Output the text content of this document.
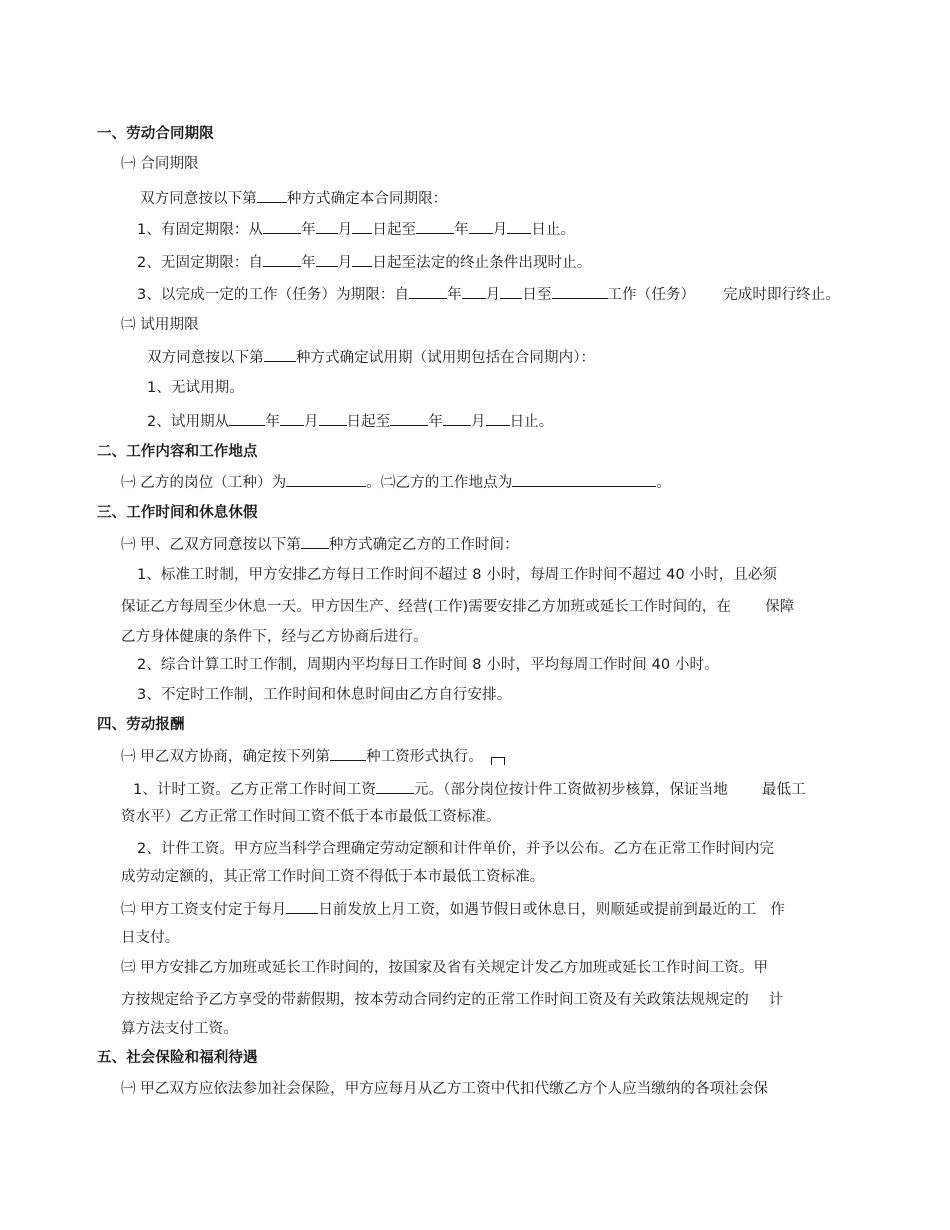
一、劳动合同期限
㈠ 合同期限
双方同意按以下第 种方式确定本合同期限：
1、有固定期限：从	年 月 日起至	年 月 日止。
2、无固定期限：自	年 月 日起至法定的终止条件出现时止。
3、以完成一定的工作（任务）为期限：自	年 月 日至	工作（任务） 完成时即行终止。
㈡ 试用期限
双方同意按以下第 种方式确定试用期（试用期包括在合同期内）：
1、无试用期。
2、试用期从 年 月 日起至	年 月 日止。
二、工作内容和工作地点
㈠ 乙方的岗位（工种）为	。㈡乙方的工作地点为	。
三、工作时间和休息休假
㈠ 甲、乙双方同意按以下第 种方式确定乙方的工作时间：
1、标准工时制，甲方安排乙方每日工作时间不超过 8 小时，每周工作时间不超过 40 小时，且必须
保证乙方每周至少休息一天。甲方因生产、经营(工作)需要安排乙方加班或延长工作时间的，在 保障
乙方身体健康的条件下，经与乙方协商后进行。
2、综合计算工时工作制，周期内平均每日工作时间 8 小时，平均每周工作时间 40 小时。
3、不定时工作制，工作时间和休息时间由乙方自行安排。
四、劳动报酬
㈠ 甲乙双方协商，确定按下列第 种工资形式执行。
1、计时工资。乙方正常工作时间工资	元。（部分岗位按计件工资做初步核算，保证当地 最低工
资水平）乙方正常工作时间工资不低于本市最低工资标准。
2、计件工资。甲方应当科学合理确定劳动定额和计件单价，并予以公布。乙方在正常工作时间内完
成劳动定额的，其正常工作时间工资不得低于本市最低工资标准。
㈡ 甲方工资支付定于每月 日前发放上月工资，如遇节假日或休息日，则顺延或提前到最近的工 作
日支付。
㈢ 甲方安排乙方加班或延长工作时间的，按国家及省有关规定计发乙方加班或延长工作时间工资。甲
方按规定给予乙方享受的带薪假期，按本劳动合同约定的正常工作时间工资及有关政策法规规定的 计
算方法支付工资。
五、社会保险和福利待遇
㈠ 甲乙双方应依法参加社会保险，甲方应每月从乙方工资中代扣代缴乙方个人应当缴纳的各项社会保
